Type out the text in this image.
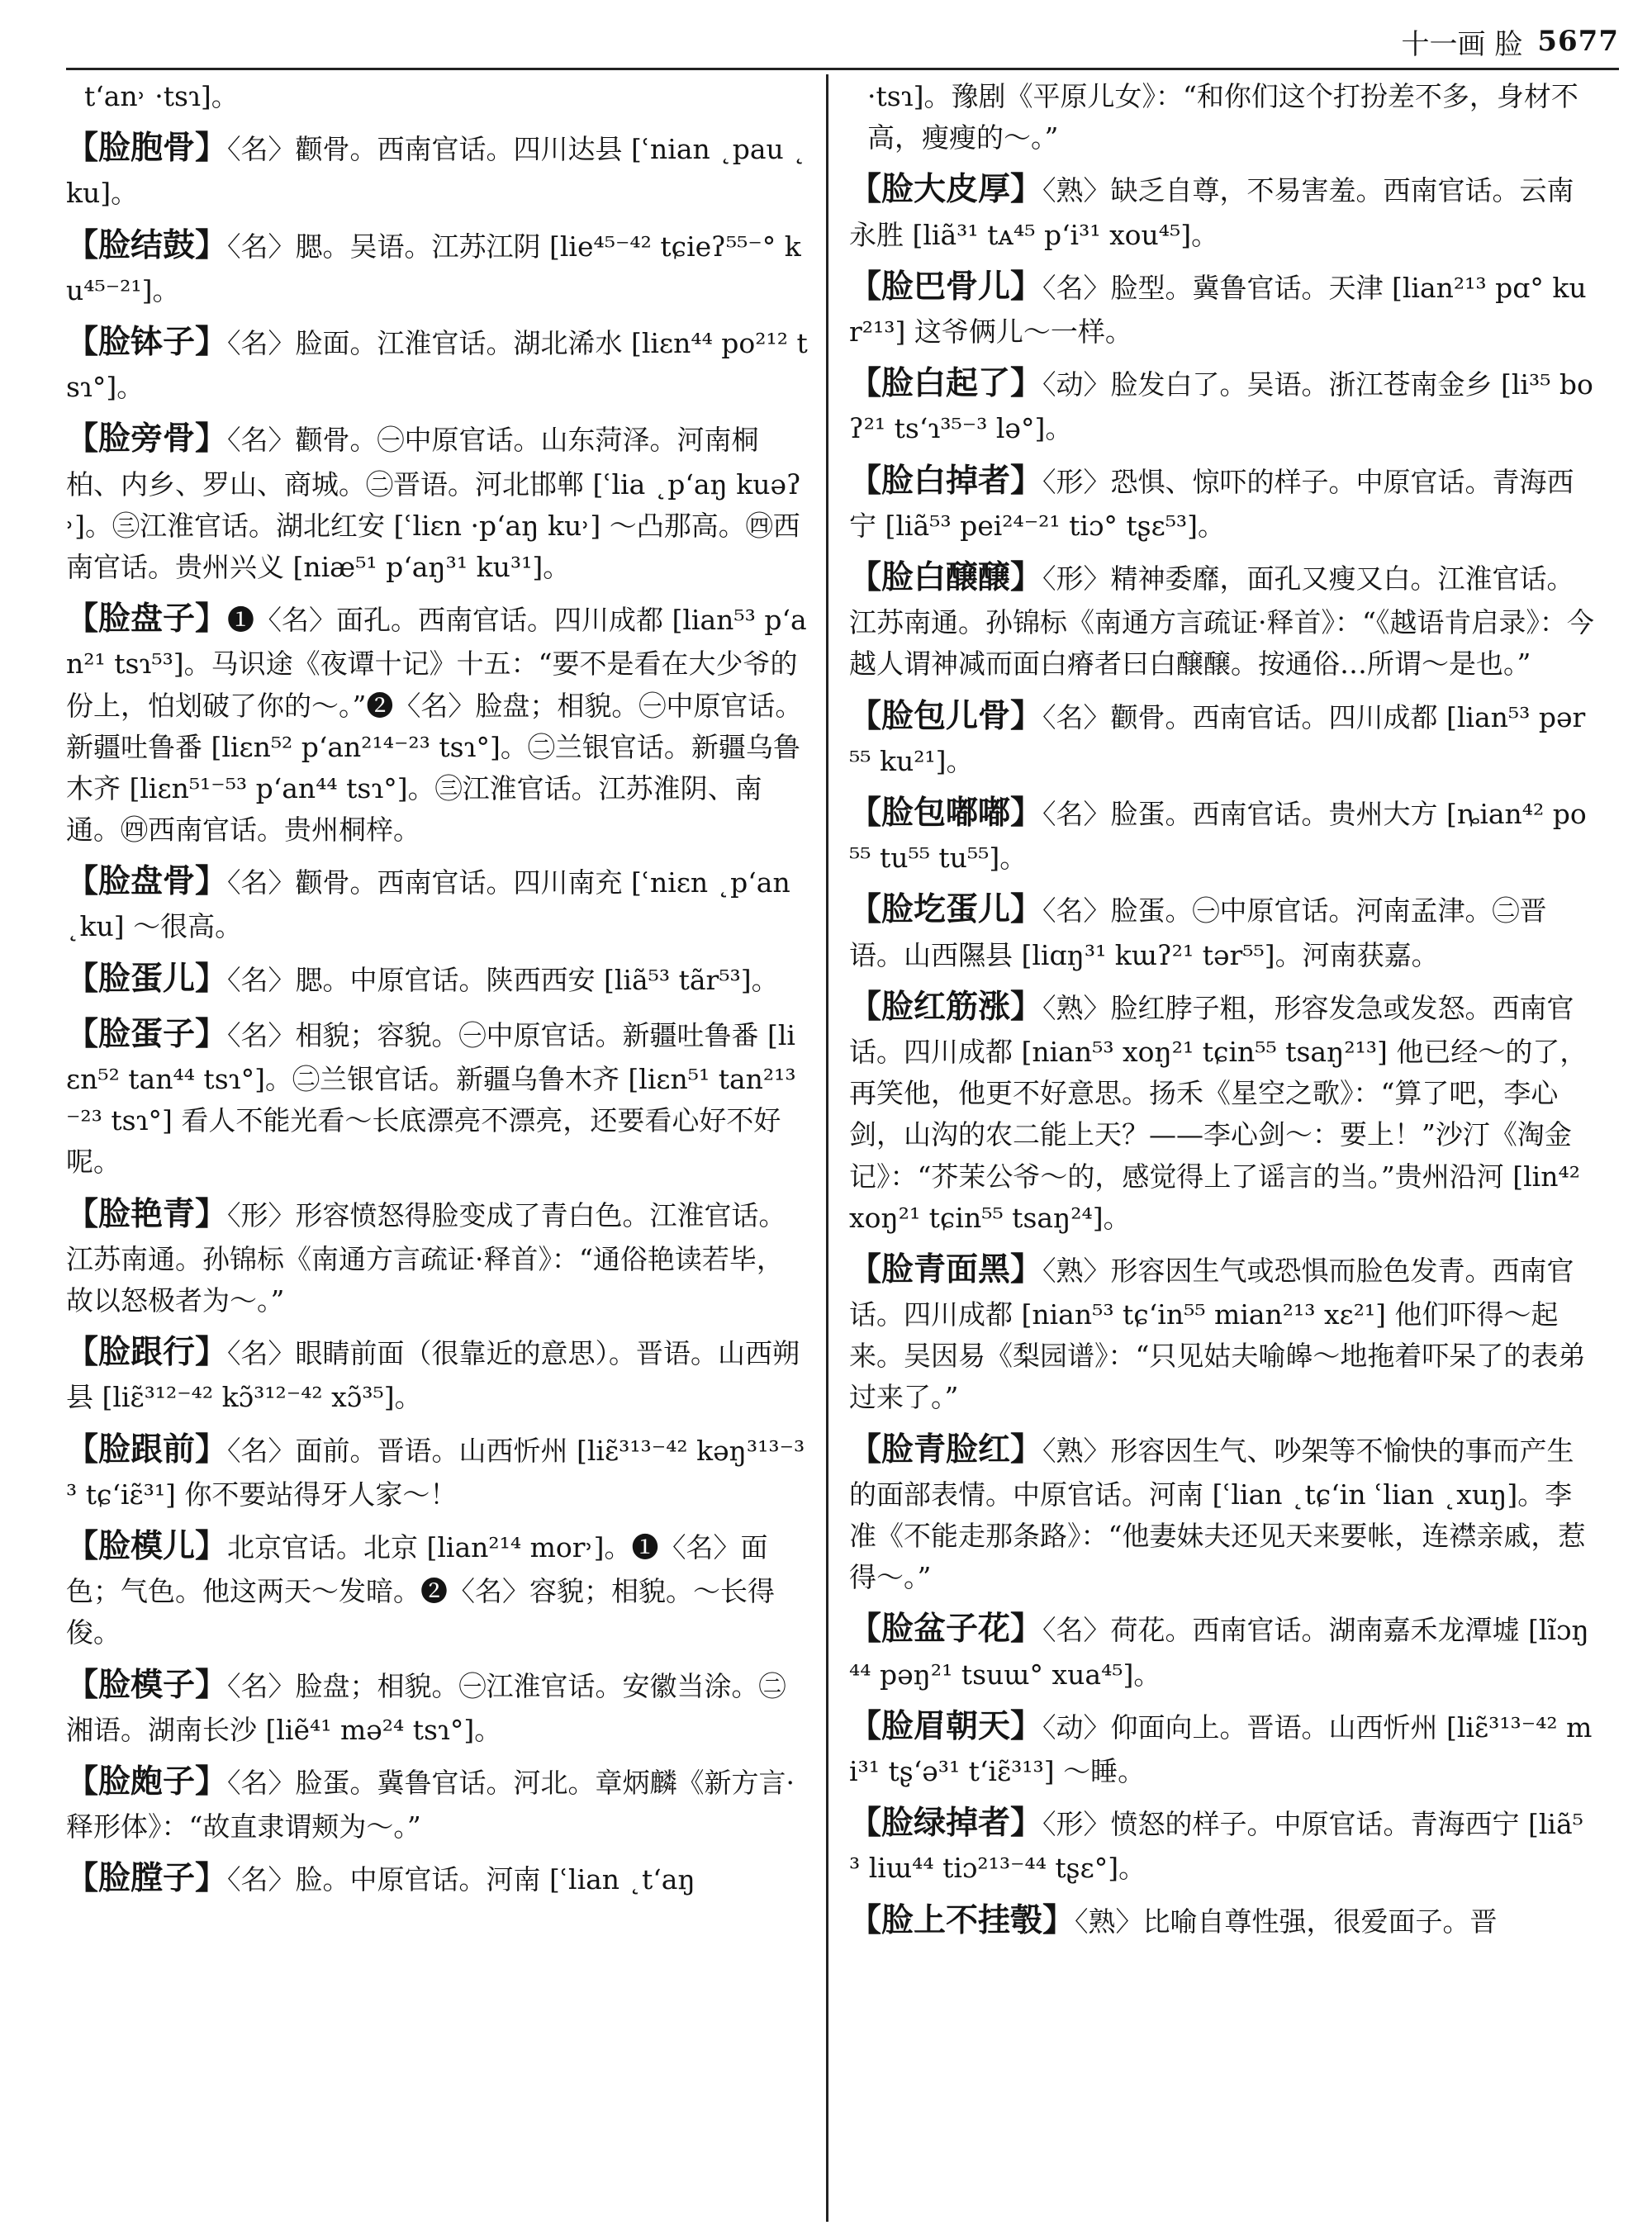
十一画 脸 5677
t‘an˒ ·tsɿ]。
【脸胞骨】〈名〉颧骨。西南官话。四川达县 [ʿnian ˛pau ˛ku]。
【脸结鼓】〈名〉腮。吴语。江苏江阴 [lie⁴⁵⁻⁴² tɕieʔ⁵⁵⁻° ku⁴⁵⁻²¹]。
【脸钵子】〈名〉脸面。江淮官话。湖北浠水 [liɛn⁴⁴ po²¹² tsɿ°]。
【脸旁骨】〈名〉颧骨。㊀中原官话。山东菏泽。河南桐柏、内乡、罗山、商城。㊁晋语。河北邯郸 [ʿlia ˛p‘aŋ kuəʔ˒]。㊂江淮官话。湖北红安 [ʿliɛn ·p‘aŋ ku˒] ～凸那高。㊃西南官话。贵州兴义 [niæ⁵¹ p‘aŋ³¹ ku³¹]。
【脸盘子】❶〈名〉面孔。西南官话。四川成都 [lian⁵³ p‘an²¹ tsɿ⁵³]。马识途《夜谭十记》十五：“要不是看在大少爷的份上，怕划破了你的～。”❷〈名〉脸盘；相貌。㊀中原官话。新疆吐鲁番 [liɛn⁵² p‘an²¹⁴⁻²³ tsɿ°]。㊁兰银官话。新疆乌鲁木齐 [liɛn⁵¹⁻⁵³ p‘an⁴⁴ tsɿ°]。㊂江淮官话。江苏淮阴、南通。㊃西南官话。贵州桐梓。
【脸盘骨】〈名〉颧骨。西南官话。四川南充 [ʿniɛn ˛p‘an ˛ku] ～很高。
【脸蛋儿】〈名〉腮。中原官话。陕西西安 [liã⁵³ tãr⁵³]。
【脸蛋子】〈名〉相貌；容貌。㊀中原官话。新疆吐鲁番 [liɛn⁵² tan⁴⁴ tsɿ°]。㊁兰银官话。新疆乌鲁木齐 [liɛn⁵¹ tan²¹³⁻²³ tsɿ°] 看人不能光看～长底漂亮不漂亮，还要看心好不好呢。
【脸艳青】〈形〉形容愤怒得脸变成了青白色。江淮官话。江苏南通。孙锦标《南通方言疏证·释首》：“通俗艳读若毕，故以怒极者为～。”
【脸跟行】〈名〉眼睛前面（很靠近的意思）。晋语。山西朔县 [liɛ̃³¹²⁻⁴² kɔ̃³¹²⁻⁴² xɔ̃³⁵]。
【脸跟前】〈名〉面前。晋语。山西忻州 [liɛ̃³¹³⁻⁴² kəŋ³¹³⁻³³ tɕ‘iɛ̃³¹] 你不要站得牙人家～！
【脸模儿】北京官话。北京 [lian²¹⁴ mor˒]。❶〈名〉面色；气色。他这两天～发暗。❷〈名〉容貌；相貌。～长得俊。
【脸模子】〈名〉脸盘；相貌。㊀江淮官话。安徽当涂。㊁湘语。湖南长沙 [liẽ⁴¹ mə²⁴ tsɿ°]。
【脸皰子】〈名〉脸蛋。冀鲁官话。河北。章炳麟《新方言·释形体》：“故直隶谓颊为～。”
【脸膛子】〈名〉脸。中原官话。河南 [ʿlian ˛t‘aŋ
·tsɿ]。豫剧《平原儿女》：“和你们这个打扮差不多，身材不高，瘦瘦的～。”
【脸大皮厚】〈熟〉缺乏自尊，不易害羞。西南官话。云南永胜 [liã³¹ tᴀ⁴⁵ p‘i³¹ xou⁴⁵]。
【脸巴骨儿】〈名〉脸型。冀鲁官话。天津 [lian²¹³ pɑ° kur²¹³] 这爷俩儿～一样。
【脸白起了】〈动〉脸发白了。吴语。浙江苍南金乡 [li³⁵ boʔ²¹ ts‘ɿ³⁵⁻³ lə°]。
【脸白掉者】〈形〉恐惧、惊吓的样子。中原官话。青海西宁 [liã⁵³ pei²⁴⁻²¹ tiɔ° tʂɛ⁵³]。
【脸白醸醸】〈形〉精神委靡，面孔又瘦又白。江淮官话。江苏南通。孙锦标《南通方言疏证·释首》：“《越语肯启录》：今越人谓神减而面白瘠者曰白醸醸。按通俗…所谓～是也。”
【脸包儿骨】〈名〉颧骨。西南官话。四川成都 [lian⁵³ pər⁵⁵ ku²¹]。
【脸包嘟嘟】〈名〉脸蛋。西南官话。贵州大方 [ȵian⁴² po⁵⁵ tu⁵⁵ tu⁵⁵]。
【脸圪蛋儿】〈名〉脸蛋。㊀中原官话。河南孟津。㊁晋语。山西隰县 [liɑŋ³¹ kɯʔ²¹ tər⁵⁵]。河南获嘉。
【脸红筋涨】〈熟〉脸红脖子粗，形容发急或发怒。西南官话。四川成都 [nian⁵³ xoŋ²¹ tɕin⁵⁵ tsaŋ²¹³] 他已经～的了，再笑他，他更不好意思。扬禾《星空之歌》：“算了吧，李心剑，山沟的农二能上天？——李心剑～：要上！”沙汀《淘金记》：“芥茉公爷～的，感觉得上了谣言的当。”贵州沿河 [lin⁴² xoŋ²¹ tɕin⁵⁵ tsaŋ²⁴]。
【脸青面黑】〈熟〉形容因生气或恐惧而脸色发青。西南官话。四川成都 [nian⁵³ tɕ‘in⁵⁵ mian²¹³ xɛ²¹] 他们吓得～起来。吴因易《梨园谱》：“只见姑夫喻皞～地拖着吓呆了的表弟过来了。”
【脸青脸红】〈熟〉形容因生气、吵架等不愉快的事而产生的面部表情。中原官话。河南 [ʿlian ˛tɕ‘in ʿlian ˛xuŋ]。李准《不能走那条路》：“他妻妹夫还见天来要帐，连襟亲戚，惹得～。”
【脸盆子花】〈名〉荷花。西南官话。湖南嘉禾龙潭墟 [lĩɔŋ⁴⁴ pəŋ²¹ tsuɯ° xua⁴⁵]。
【脸眉朝天】〈动〉仰面向上。晋语。山西忻州 [liɛ̃³¹³⁻⁴² mi³¹ tʂ‘ə³¹ t‘iɛ̃³¹³] ～睡。
【脸绿掉者】〈形〉愤怒的样子。中原官话。青海西宁 [liã⁵³ liɯ⁴⁴ tiɔ²¹³⁻⁴⁴ tʂɛ°]。
【脸上不挂彀】〈熟〉比喻自尊性强，很爱面子。晋
